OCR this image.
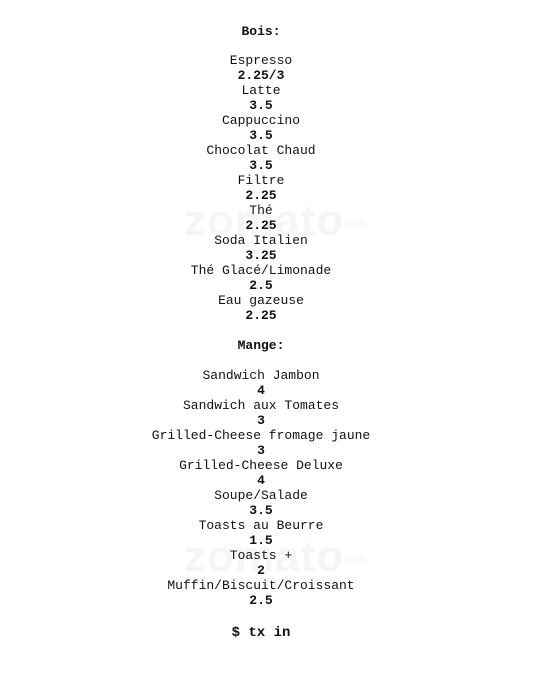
Bois:
Espresso
2.25/3
Latte
3.5
Cappuccino
3.5
Chocolat Chaud
3.5
Filtre
2.25
Thé
2.25
Soda Italien
3.25
Thé Glacé/Limonade
2.5
Eau gazeuse
2.25
Mange:
Sandwich Jambon
4
Sandwich aux Tomates
3
Grilled-Cheese fromage jaune
3
Grilled-Cheese Deluxe
4
Soupe/Salade
3.5
Toasts au Beurre
1.5
Toasts +
2
Muffin/Biscuit/Croissant
2.5
$ tx in
